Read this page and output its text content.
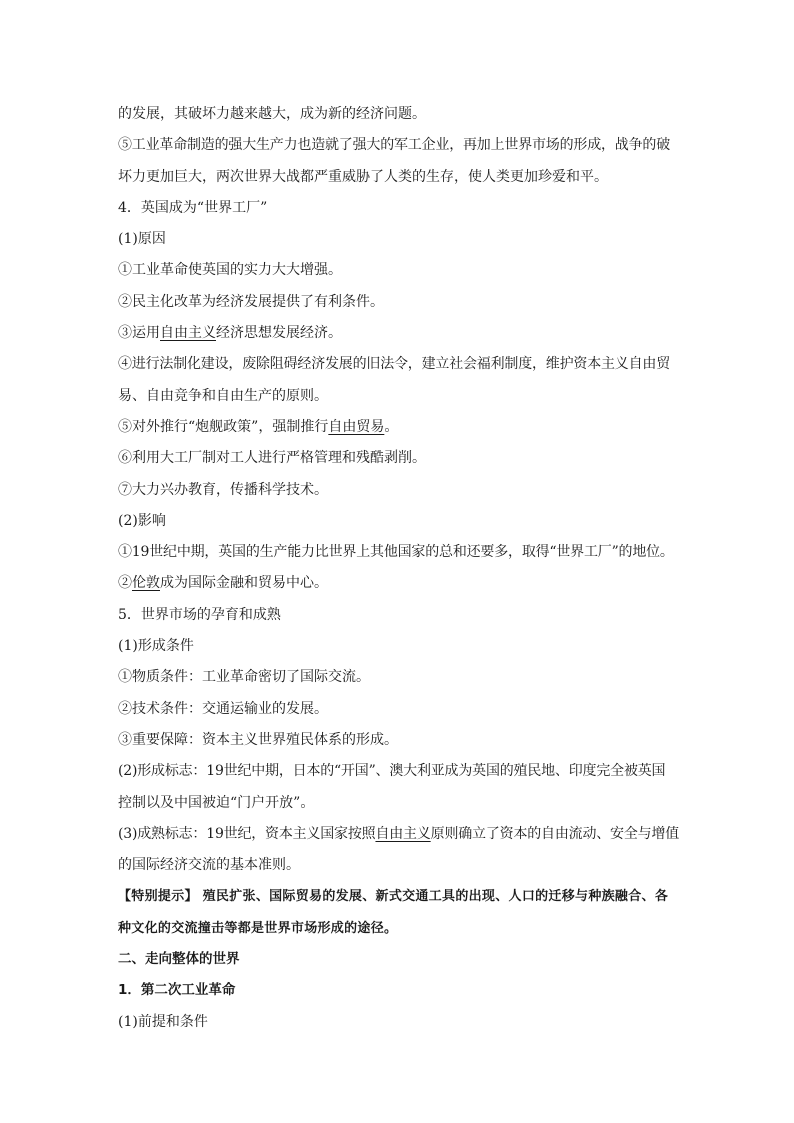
的发展，其破坏力越来越大，成为新的经济问题。
⑤工业革命制造的强大生产力也造就了强大的军工企业，再加上世界市场的形成，战争的破
坏力更加巨大，两次世界大战都严重威胁了人类的生存，使人类更加珍爱和平。
4．英国成为“世界工厂”
(1)原因
①工业革命使英国的实力大大增强。
②民主化改革为经济发展提供了有利条件。
③运用自由主义经济思想发展经济。
④进行法制化建设，废除阻碍经济发展的旧法令，建立社会福利制度，维护资本主义自由贸
易、自由竞争和自由生产的原则。
⑤对外推行“炮舰政策”，强制推行自由贸易。
⑥利用大工厂制对工人进行严格管理和残酷剥削。
⑦大力兴办教育，传播科学技术。
(2)影响
①19世纪中期，英国的生产能力比世界上其他国家的总和还要多，取得“世界工厂”的地位。
②伦敦成为国际金融和贸易中心。
5．世界市场的孕育和成熟
(1)形成条件
①物质条件：工业革命密切了国际交流。
②技术条件：交通运输业的发展。
③重要保障：资本主义世界殖民体系的形成。
(2)形成标志：19世纪中期，日本的“开国”、澳大利亚成为英国的殖民地、印度完全被英国
控制以及中国被迫“门户开放”。
(3)成熟标志：19世纪，资本主义国家按照自由主义原则确立了资本的自由流动、安全与增值
的国际经济交流的基本准则。
【特别提示】 殖民扩张、国际贸易的发展、新式交通工具的出现、人口的迁移与种族融合、各
种文化的交流撞击等都是世界市场形成的途径。
二、走向整体的世界
1．第二次工业革命
(1)前提和条件
